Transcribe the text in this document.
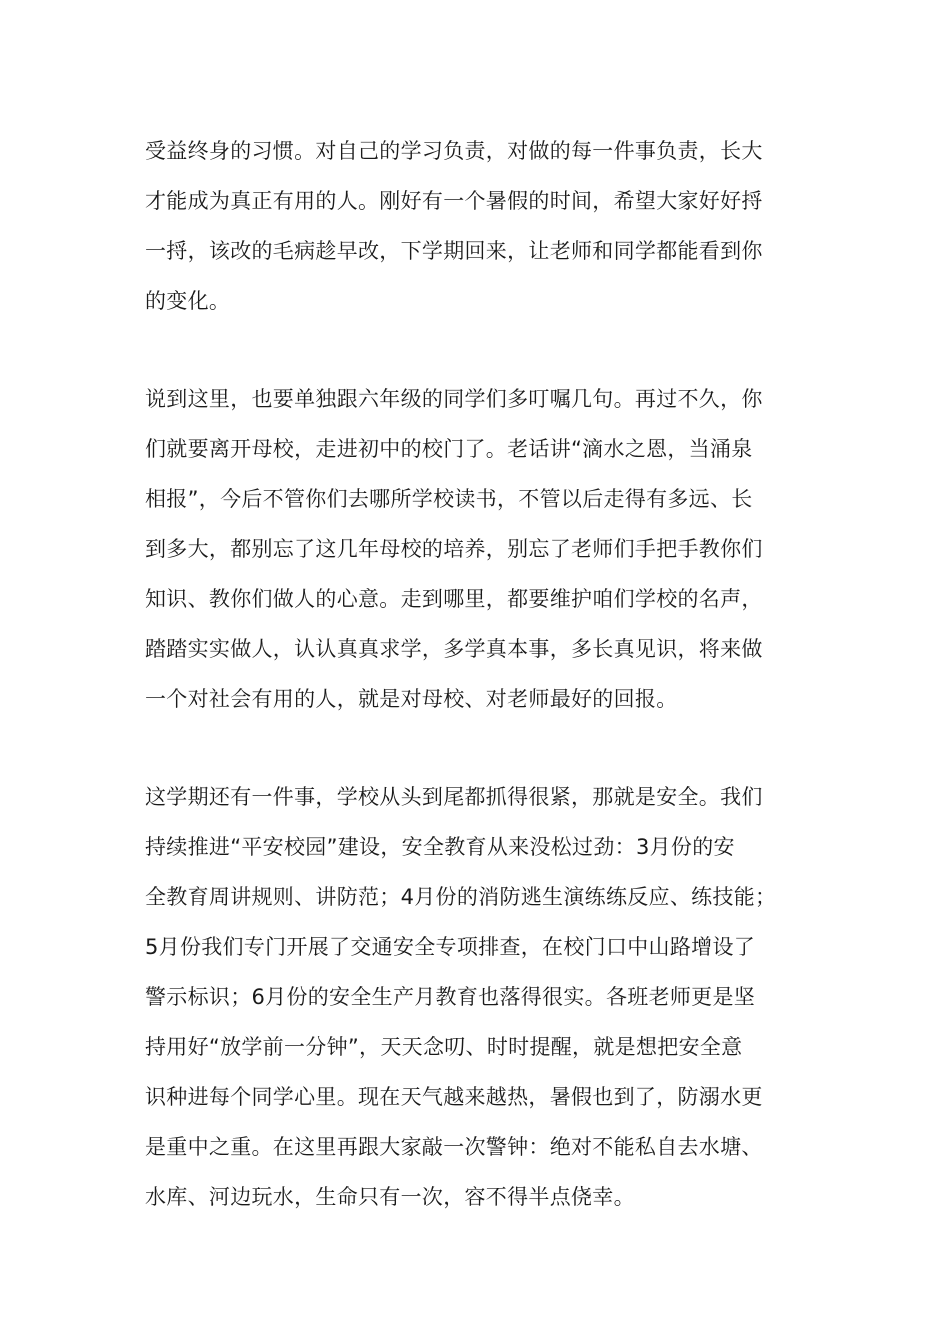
受益终身的习惯。对自己的学习负责，对做的每一件事负责，长大

才能成为真正有用的人。刚好有一个暑假的时间，希望大家好好捋

一捋，该改的毛病趁早改，下学期回来，让老师和同学都能看到你

的变化。

说到这里，也要单独跟六年级的同学们多叮嘱几句。再过不久，你

们就要离开母校，走进初中的校门了。老话讲“滴水之恩，当涌泉

相报”，今后不管你们去哪所学校读书，不管以后走得有多远、长

到多大，都别忘了这几年母校的培养，别忘了老师们手把手教你们

知识、教你们做人的心意。走到哪里，都要维护咱们学校的名声，

踏踏实实做人，认认真真求学，多学真本事，多长真见识，将来做

一个对社会有用的人，就是对母校、对老师最好的回报。

这学期还有一件事，学校从头到尾都抓得很紧，那就是安全。我们

持续推进“平安校园”建设，安全教育从来没松过劲：3月份的安

全教育周讲规则、讲防范；4月份的消防逃生演练练反应、练技能；

5月份我们专门开展了交通安全专项排查，在校门口中山路增设了

警示标识；6月份的安全生产月教育也落得很实。各班老师更是坚

持用好“放学前一分钟”，天天念叨、时时提醒，就是想把安全意

识种进每个同学心里。现在天气越来越热，暑假也到了，防溺水更

是重中之重。在这里再跟大家敲一次警钟：绝对不能私自去水塘、

水库、河边玩水，生命只有一次，容不得半点侥幸。
